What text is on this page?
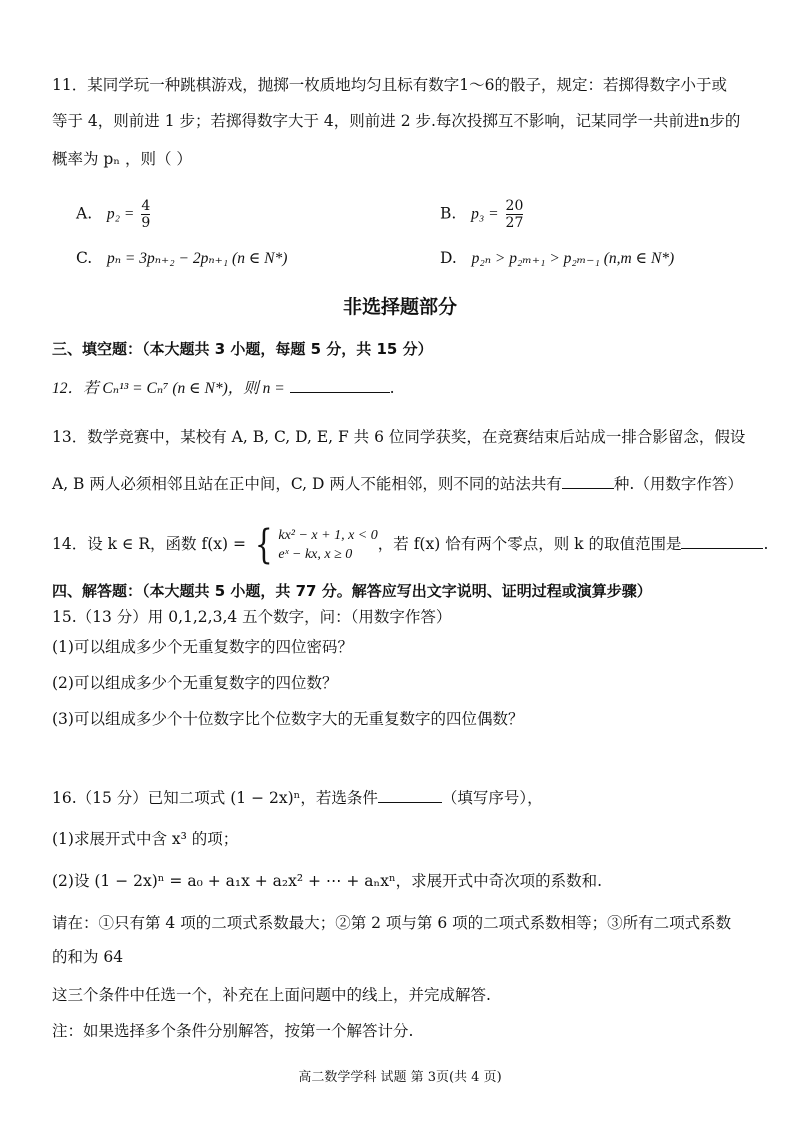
11．某同学玩一种跳棋游戏，抛掷一枚质地均匀且标有数字1～6的骰子，规定：若掷得数字小于或
等于 4，则前进 1 步；若掷得数字大于 4，则前进 2 步.每次投掷互不影响，记某同学一共前进n步的
概率为 pₙ ，则（ ）
A. $p_2 = \frac{4}{9}$	B. $p_3 = \frac{20}{27}$
C. pₙ = 3pₙ₊₂ − 2pₙ₊₁ (n ∈ N*)	D. p₂ₙ > p₂ₘ₊₁ > p₂ₘ₋₁ (n,m ∈ N*)
非选择题部分
三、填空题：（本大题共 3 小题，每题 5 分，共 15 分）
12．若 Cₙ¹³ = Cₙ⁷ (n ∈ N*)，则 n =	.
13．数学竞赛中，某校有 A, B, C, D, E, F 共 6 位同学获奖，在竞赛结束后站成一排合影留念，假设
A, B 两人必须相邻且站在正中间，C, D 两人不能相邻，则不同的站法共有	种.（用数字作答）
14．设 k ∈ R，函数 f(x) = { kx² − x + 1, x < 0
eˣ − kx, x ≥ 0
，若 f(x) 恰有两个零点，则 k 的取值范围是	.
四、解答题：（本大题共 5 小题，共 77 分。解答应写出文字说明、证明过程或演算步骤）
15.（13 分）用 0,1,2,3,4 五个数字，问：（用数字作答）
(1)可以组成多少个无重复数字的四位密码？
(2)可以组成多少个无重复数字的四位数？
(3)可以组成多少个十位数字比个位数字大的无重复数字的四位偶数？
16.（15 分）已知二项式 (1 − 2x)ⁿ，若选条件	（填写序号），
(1)求展开式中含 x³ 的项；
(2)设 (1 − 2x)ⁿ = a₀ + a₁x + a₂x² + ⋯ + aₙxⁿ，求展开式中奇次项的系数和.
请在：①只有第 4 项的二项式系数最大；②第 2 项与第 6 项的二项式系数相等；③所有二项式系数
的和为 64
这三个条件中任选一个，补充在上面问题中的线上，并完成解答.
注：如果选择多个条件分别解答，按第一个解答计分.
高二数学学科 试题 第 3页(共 4 页)
